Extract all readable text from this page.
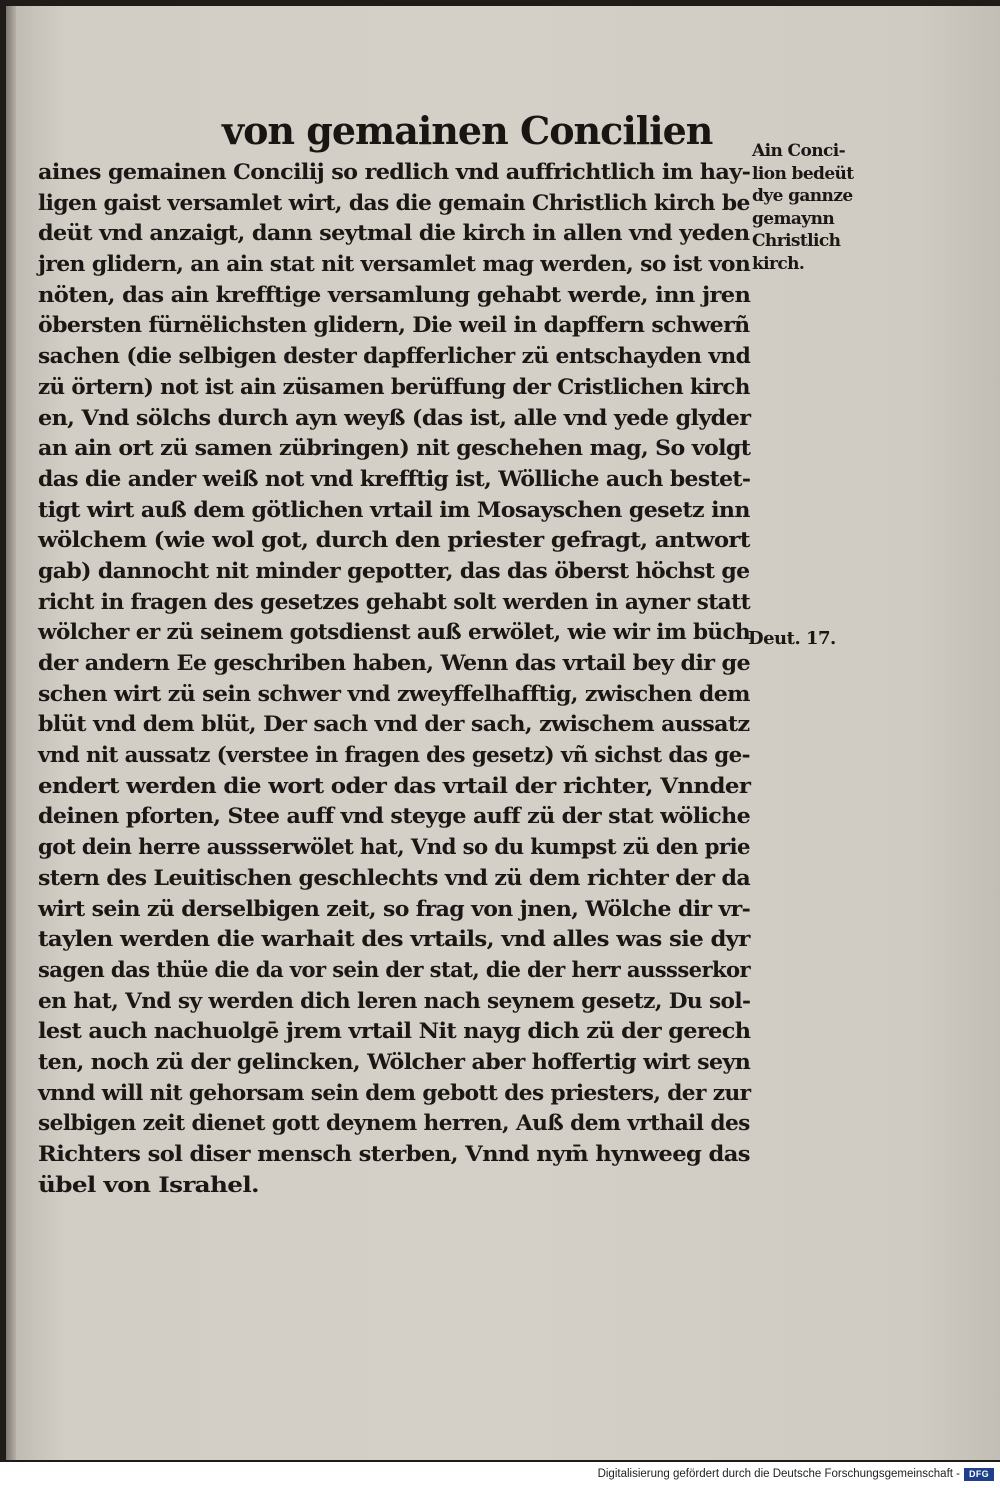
von gemainen Concilien
aines gemainen Concilij so redlich vnd auffrichtlich im hay-
ligen gaist versamlet wirt, das die gemain Christlich kirch be
deüt vnd anzaigt, dann seytmal die kirch in allen vnd yeden
jren glidern, an ain stat nit versamlet mag werden, so ist von
nöten, das ain krefftige versamlung gehabt werde, inn jren
öbersten fürnëlichsten glidern, Die weil in dapffern schwerñ
sachen (die selbigen dester dapfferlicher zü entschayden vnd
zü örtern) not ist ain züsamen berüffung der Cristlichen kirch
en, Vnd sölchs durch ayn weyß (das ist, alle vnd yede glyder
an ain ort zü samen zübringen) nit geschehen mag, So volgt
das die ander weiß not vnd krefftig ist, Wölliche auch bestet-
tigt wirt auß dem götlichen vrtail im Mosayschen gesetz inn
wölchem (wie wol got, durch den priester gefragt, antwort
gab) dannocht nit minder gepotter, das das öberst höchst ge
richt in fragen des gesetzes gehabt solt werden in ayner statt
wölcher er zü seinem gotsdienst auß erwölet, wie wir im büch
der andern Ee geschriben haben, Wenn das vrtail bey dir ge
schen wirt zü sein schwer vnd zweyffelhafftig, zwischen dem
blüt vnd dem blüt, Der sach vnd der sach, zwischem aussatz
vnd nit aussatz (verstee in fragen des gesetz) vñ sichst das ge-
endert werden die wort oder das vrtail der richter, Vnnder
deinen pforten, Stee auff vnd steyge auff zü der stat wöliche
got dein herre aussserwölet hat, Vnd so du kumpst zü den prie
stern des Leuitischen geschlechts vnd zü dem richter der da
wirt sein zü derselbigen zeit, so frag von jnen, Wölche dir vr-
taylen werden die warhait des vrtails, vnd alles was sie dyr
sagen das thüe die da vor sein der stat, die der herr aussserkor
en hat, Vnd sy werden dich leren nach seynem gesetz, Du sol-
lest auch nachuolgē jrem vrtail Nit nayg dich zü der gerech
ten, noch zü der gelincken, Wölcher aber hoffertig wirt seyn
vnnd will nit gehorsam sein dem gebott des priesters, der zur
selbigen zeit dienet gott deynem herren, Auß dem vrthail des
Richters sol diser mensch sterben, Vnnd nym̄ hynweeg das
übel von Israhel.
Ain Conci-
lion bedeüt
dye gannze
gemaynn
Christlich
kirch.
Deut. 17.
Digitalisierung gefördert durch die Deutsche Forschungsgemeinschaft -	DFG
